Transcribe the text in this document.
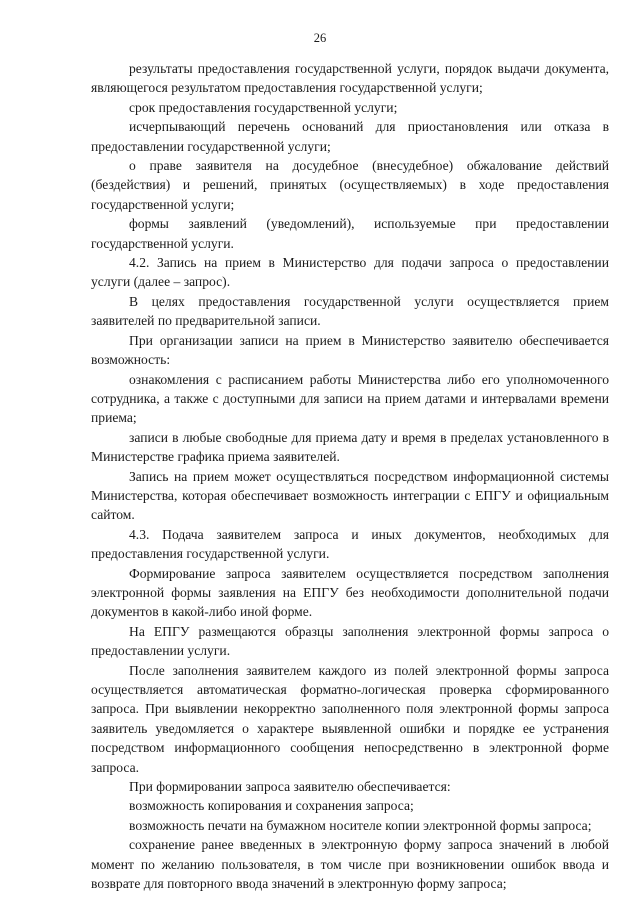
26

результаты предоставления государственной услуги, порядок выдачи документа, являющегося результатом предоставления государственной услуги;

срок предоставления государственной услуги;

исчерпывающий перечень оснований для приостановления или отказа в предоставлении государственной услуги;

о праве заявителя на досудебное (внесудебное) обжалование действий (бездействия) и решений, принятых (осуществляемых) в ходе предоставления государственной услуги;

формы заявлений (уведомлений), используемые при предоставлении государственной услуги.

4.2. Запись на прием в Министерство для подачи запроса о предоставлении услуги (далее – запрос).

В целях предоставления государственной услуги осуществляется прием заявителей по предварительной записи.

При организации записи на прием в Министерство заявителю обеспечивается возможность:

ознакомления с расписанием работы Министерства либо его уполномоченного сотрудника, а также с доступными для записи на прием датами и интервалами времени приема;

записи в любые свободные для приема дату и время в пределах установленного в Министерстве графика приема заявителей.

Запись на прием может осуществляться посредством информационной системы Министерства, которая обеспечивает возможность интеграции с ЕПГУ и официальным сайтом.

4.3. Подача заявителем запроса и иных документов, необходимых для предоставления государственной услуги.

Формирование запроса заявителем осуществляется посредством заполнения электронной формы заявления на ЕПГУ без необходимости дополнительной подачи документов в какой-либо иной форме.

На ЕПГУ размещаются образцы заполнения электронной формы запроса о предоставлении услуги.

После заполнения заявителем каждого из полей электронной формы запроса осуществляется автоматическая форматно-логическая проверка сформированного запроса. При выявлении некорректно заполненного поля электронной формы запроса заявитель уведомляется о характере выявленной ошибки и порядке ее устранения посредством информационного сообщения непосредственно в электронной форме запроса.

При формировании запроса заявителю обеспечивается:

возможность копирования и сохранения запроса;

возможность печати на бумажном носителе копии электронной формы запроса;

сохранение ранее введенных в электронную форму запроса значений в любой момент по желанию пользователя, в том числе при возникновении ошибок ввода и возврате для повторного ввода значений в электронную форму запроса;
